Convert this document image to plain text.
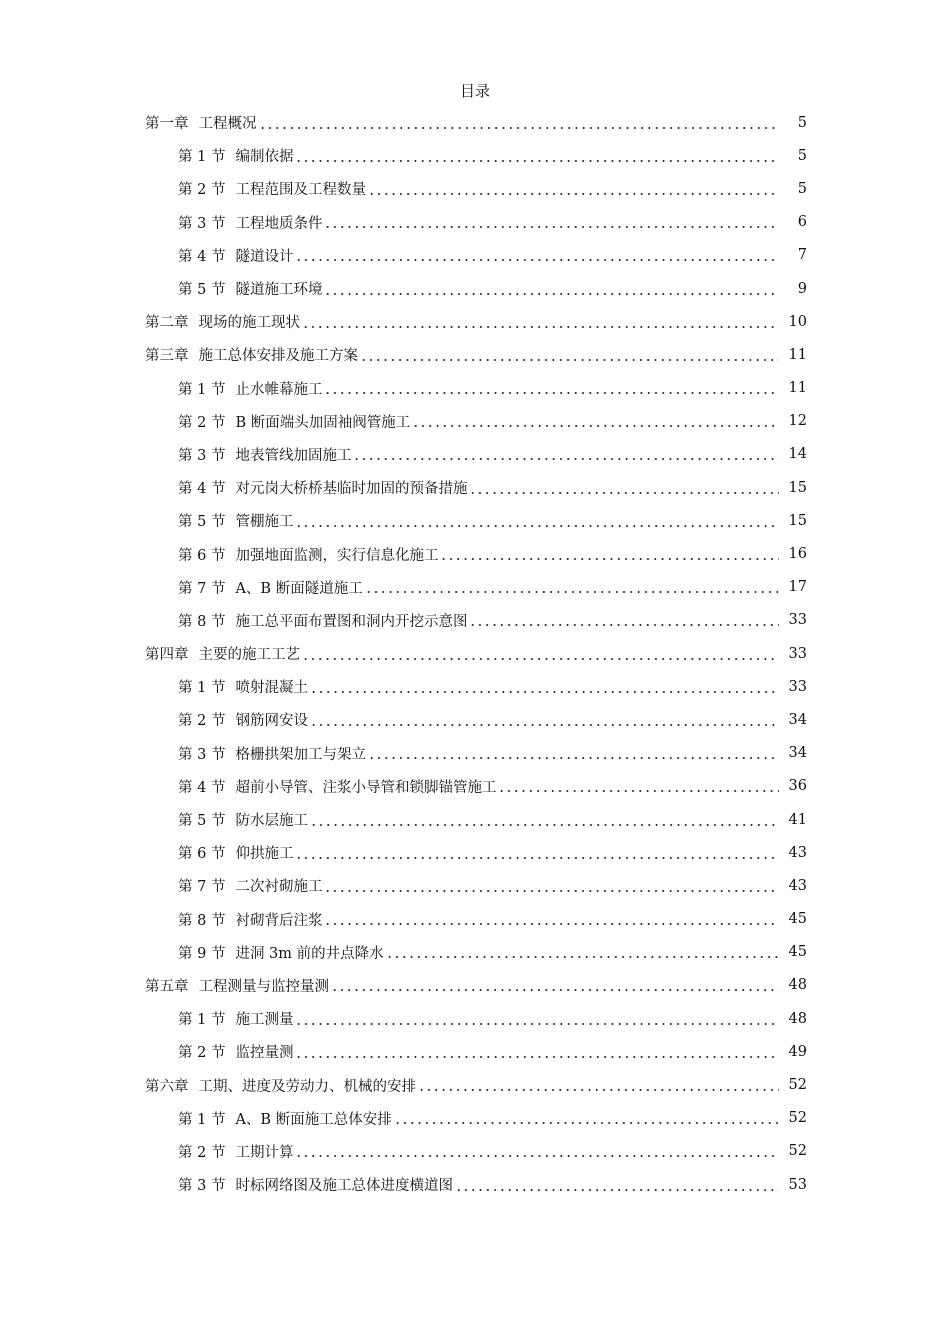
目录
第一章 工程概况	5
第 1 节 编制依据	5
第 2 节 工程范围及工程数量	5
第 3 节 工程地质条件	6
第 4 节 隧道设计	7
第 5 节 隧道施工环境	9
第二章 现场的施工现状	10
第三章 施工总体安排及施工方案	11
第 1 节 止水帷幕施工	11
第 2 节 B 断面端头加固袖阀管施工	12
第 3 节 地表管线加固施工	14
第 4 节 对元岗大桥桥基临时加固的预备措施	15
第 5 节 管棚施工	15
第 6 节 加强地面监测，实行信息化施工	16
第 7 节 A、B 断面隧道施工	17
第 8 节 施工总平面布置图和洞内开挖示意图	33
第四章 主要的施工工艺	33
第 1 节 喷射混凝土	33
第 2 节 钢筋网安设	34
第 3 节 格栅拱架加工与架立	34
第 4 节 超前小导管、注浆小导管和锁脚锚管施工	36
第 5 节 防水层施工	41
第 6 节 仰拱施工	43
第 7 节 二次衬砌施工	43
第 8 节 衬砌背后注浆	45
第 9 节 进洞 3m 前的井点降水	45
第五章 工程测量与监控量测	48
第 1 节 施工测量	48
第 2 节 监控量测	49
第六章 工期、进度及劳动力、机械的安排	52
第 1 节 A、B 断面施工总体安排	52
第 2 节 工期计算	52
第 3 节 时标网络图及施工总体进度横道图	53
